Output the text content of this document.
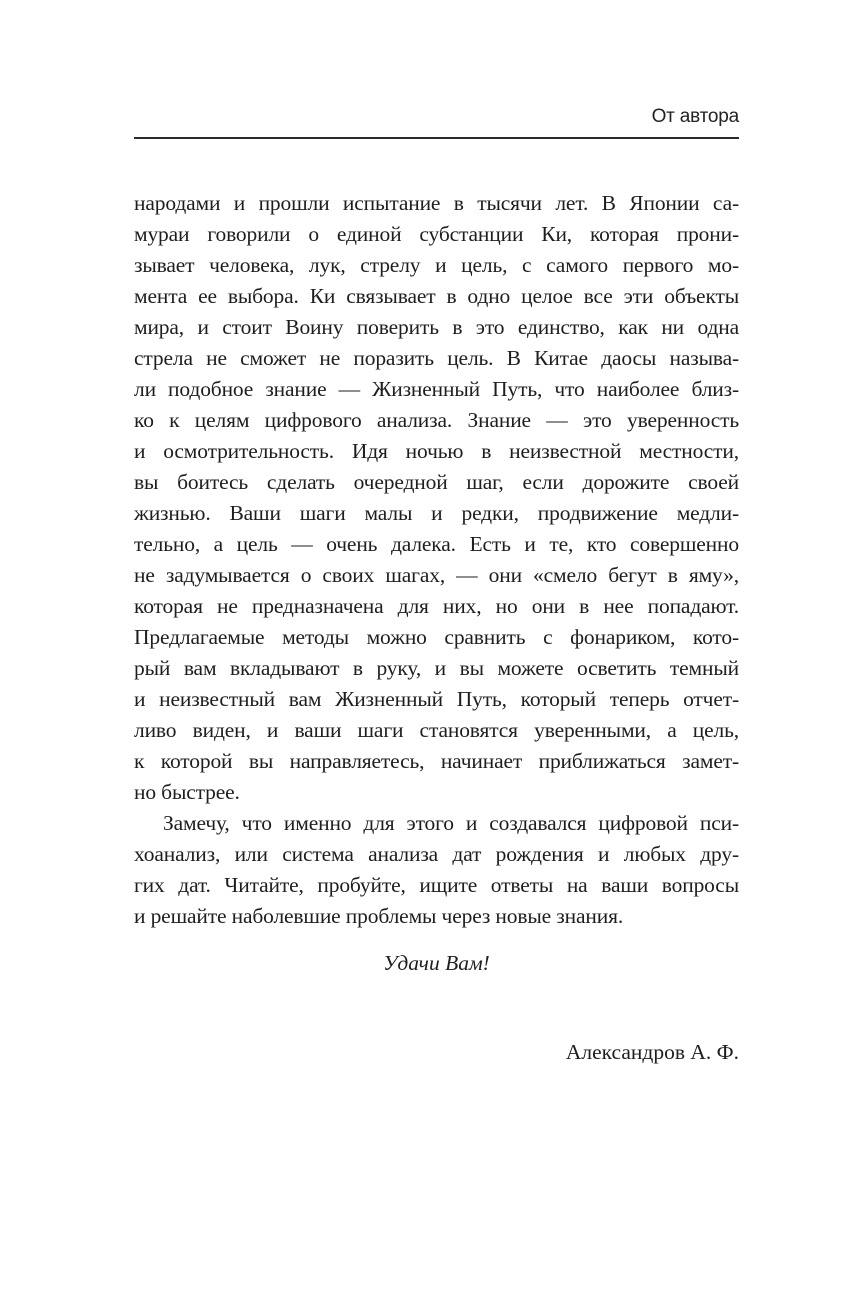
От автора
народами и прошли испытание в тысячи лет. В Японии са-
мураи говорили о единой субстанции Ки, которая прони-
зывает человека, лук, стрелу и цель, с самого первого мо-
мента ее выбора. Ки связывает в одно целое все эти объекты
мира, и стоит Воину поверить в это единство, как ни одна
стрела не сможет не поразить цель. В Китае даосы называ-
ли подобное знание — Жизненный Путь, что наиболее близ-
ко к целям цифрового анализа. Знание — это уверенность
и осмотрительность. Идя ночью в неизвестной местности,
вы боитесь сделать очередной шаг, если дорожите своей
жизнью. Ваши шаги малы и редки, продвижение медли-
тельно, а цель — очень далека. Есть и те, кто совершенно
не задумывается о своих шагах, — они «смело бегут в яму»,
которая не предназначена для них, но они в нее попадают.
Предлагаемые методы можно сравнить с фонариком, кото-
рый вам вкладывают в руку, и вы можете осветить темный
и неизвестный вам Жизненный Путь, который теперь отчет-
ливо виден, и ваши шаги становятся уверенными, а цель,
к которой вы направляетесь, начинает приближаться замет-
но быстрее.
Замечу, что именно для этого и создавался цифровой пси-
хоанализ, или система анализа дат рождения и любых дру-
гих дат. Читайте, пробуйте, ищите ответы на ваши вопросы
и решайте наболевшие проблемы через новые знания.
Удачи Вам!
Александров А. Ф.
